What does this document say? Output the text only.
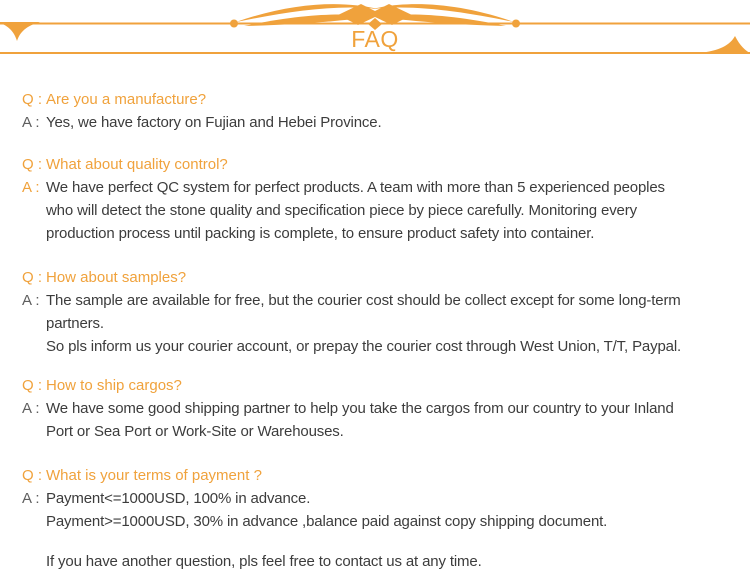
FAQ
Q : Are you a manufacture?
A : Yes, we have factory on Fujian and Hebei Province.
Q : What about quality control?
A : We have perfect QC system for perfect products. A team with more than 5 experienced peoples
who will detect the stone quality and specification piece by piece carefully. Monitoring every
production process until packing is complete, to ensure product safety into container.
Q : How about samples?
A : The sample are available for free, but the courier cost should be collect except for some long-term
partners.
So pls inform us your courier account, or prepay the courier cost through West Union, T/T, Paypal.
Q : How to ship cargos?
A : We have some good shipping partner to help you take the cargos from our country to your Inland
Port or Sea Port or Work-Site or Warehouses.
Q : What is your terms of payment ?
A : Payment<=1000USD, 100% in advance.
Payment>=1000USD, 30% in advance ,balance paid against copy shipping document.
If you have another question, pls feel free to contact us at any time.
